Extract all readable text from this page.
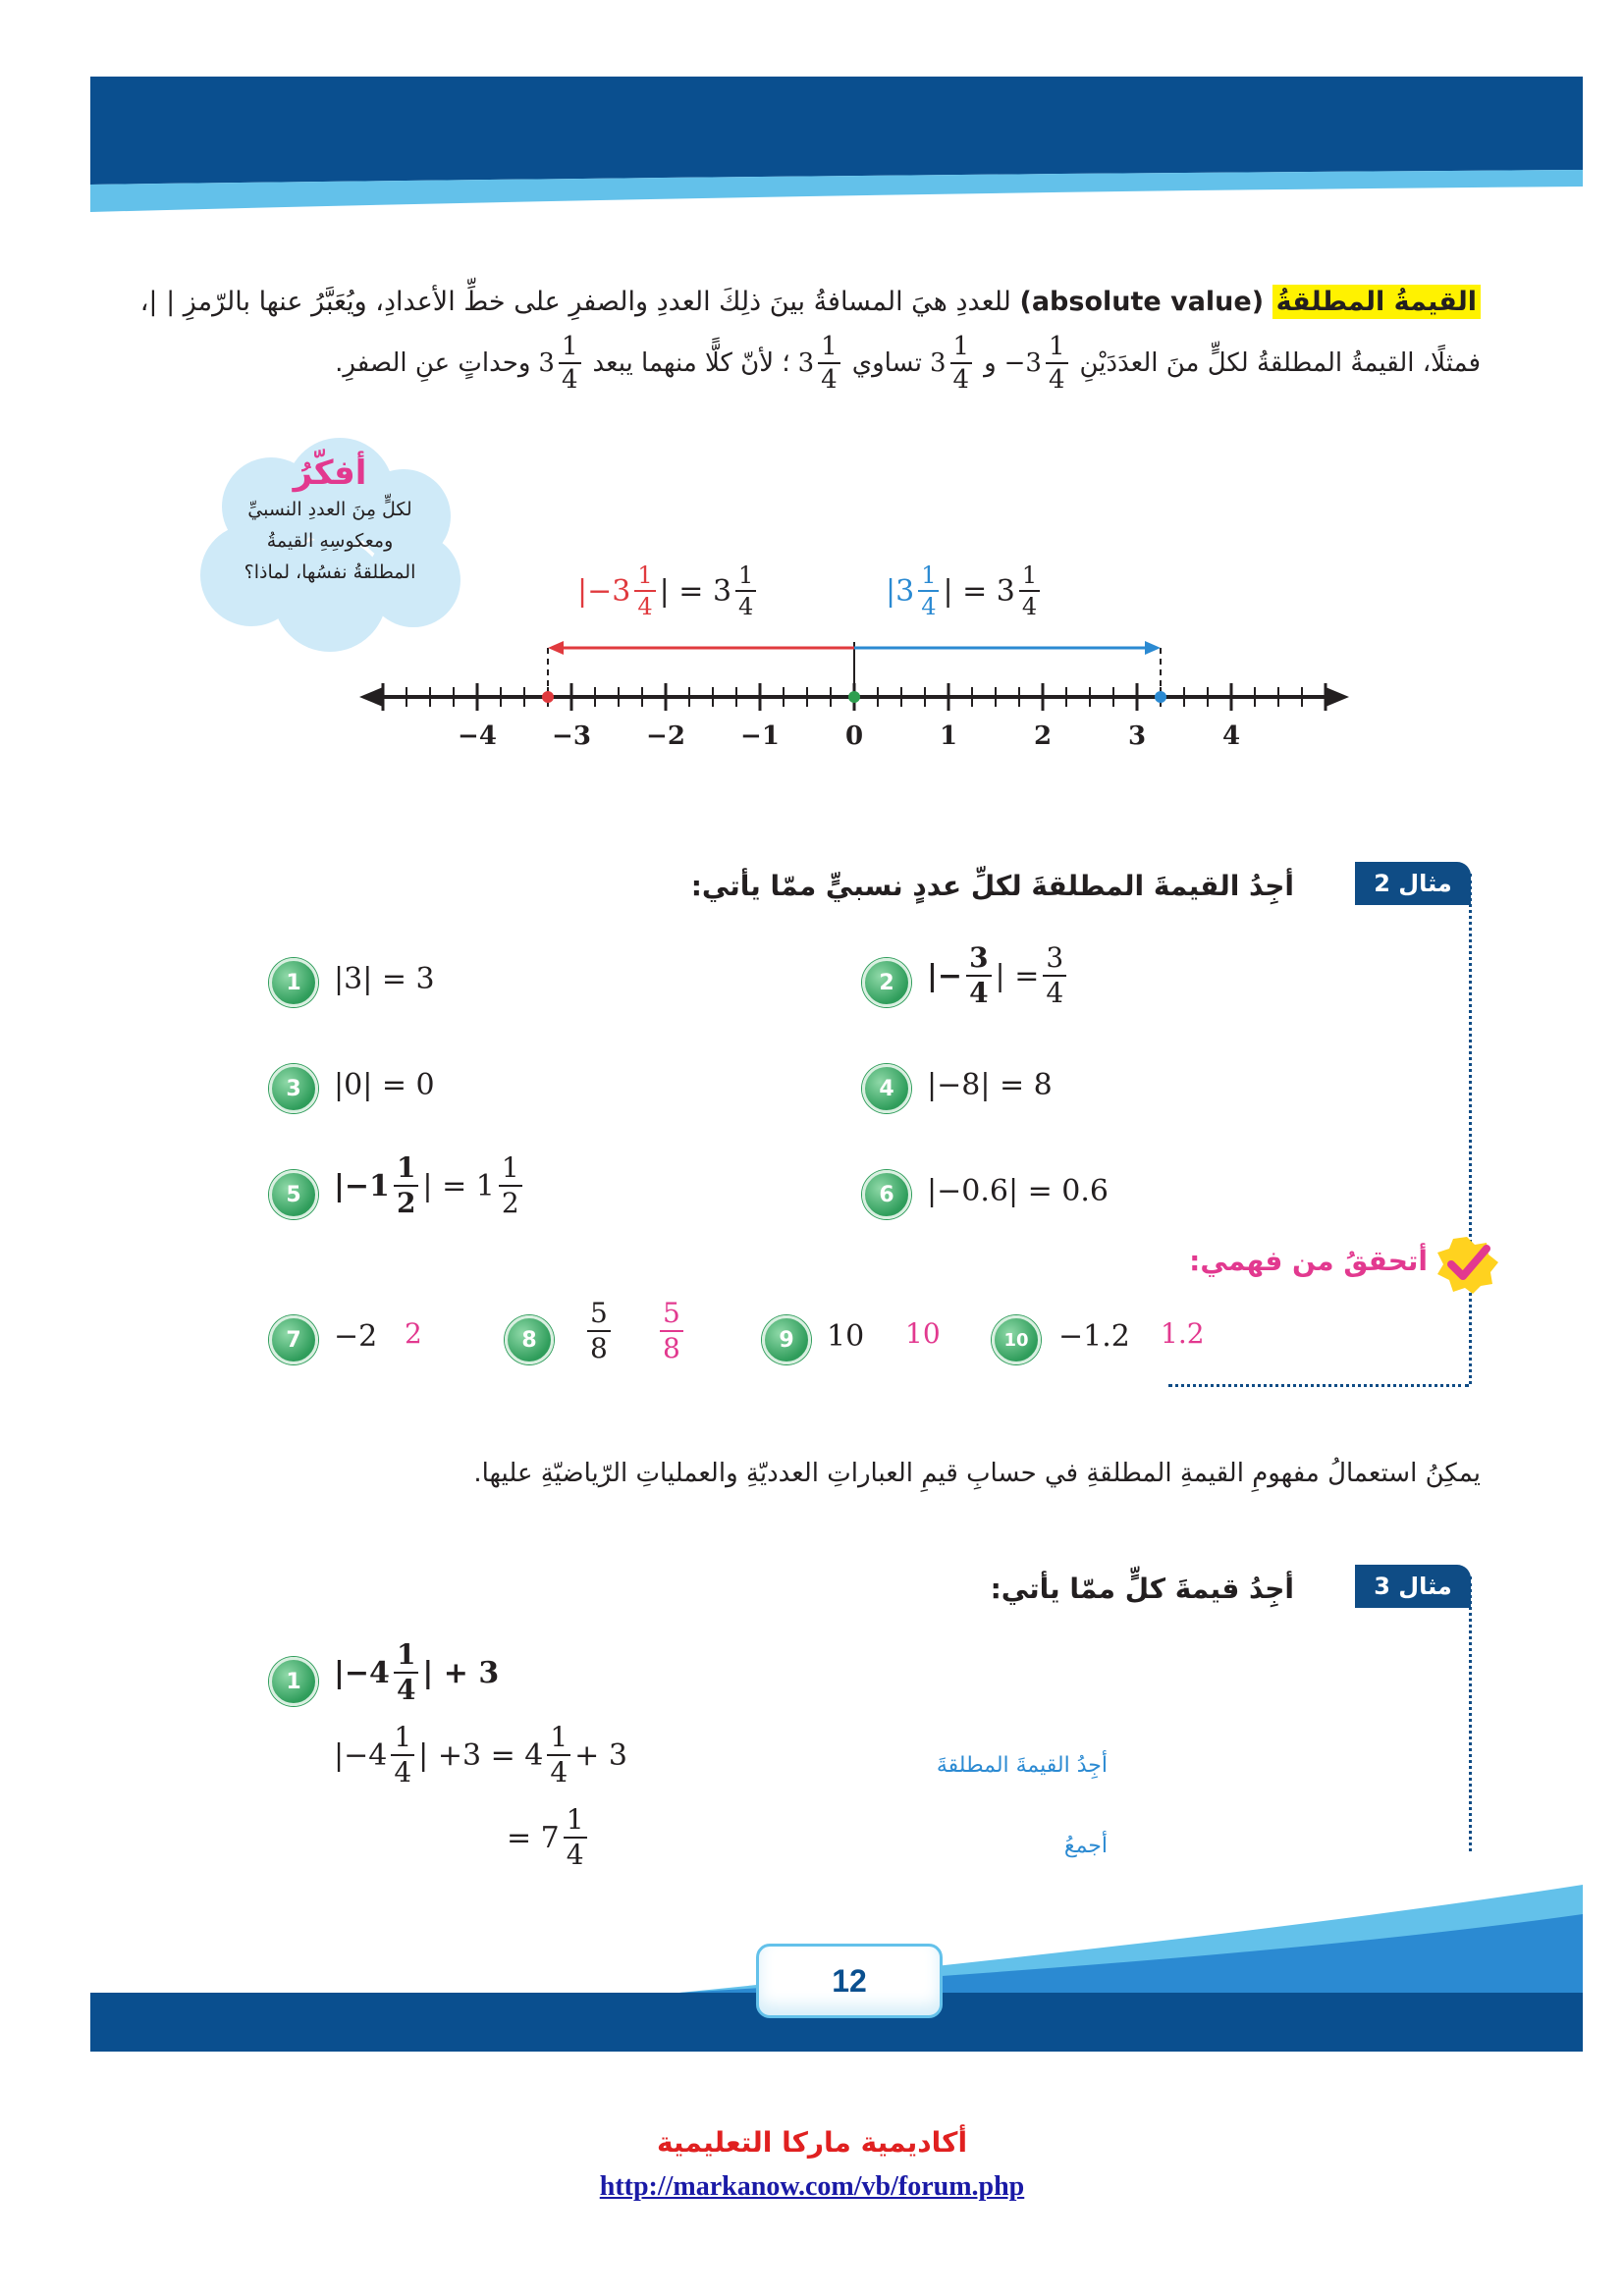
القيمةُ المطلقةُ (absolute value) للعددِ هيَ المسافةُ بينَ ذلِكَ العددِ والصفرِ على خطِّ الأعدادِ، ويُعَبَّرُ عنها بالرّمزِ | |،
فمثلًا، القيمةُ المطلقةُ لكلٍّ منَ العدَدَيْنِ
$-3 \frac{1}{4}$
و
$3 \frac{1}{4}$
تساوي
$3 \frac{1}{4}$
؛ لأنّ كلًّا منهما يبعد
$3 \frac{1}{4}$
وحداتٍ عنِ الصفرِ.
أفكّرُ
لكلٍّ مِنَ العددِ النسبيِّ
ومعكوسِهِ القيمةُ
المطلقةُ نفسُها، لماذا؟
$|-3 \frac{1}{4}$ | = $3 \frac{1}{4}$	$|3 \frac{1}{4}$ | = $3 \frac{1}{4}$
−4 −3 −2 −1	0	1	2	3	4
مثال 2
أجِدُ القيمةَ المطلقةَ لكلِّ عددٍ نسبيٍّ ممّا يأتي:
1	|3| = 3	2	|− $\frac{3}{4}$ | = $\frac{3}{4}$
3	|0| = 0	4	|−8| = 8
5	$|-1 \frac{1}{2}$ | = $1 \frac{1}{2}$	6	|−0.6| = 0.6
أتحققُ من فهمي:
7	−2 2	8	$\frac{5}{8} \frac{5}{8}$	9	10 10	10	−1.2 1.2
يمكِنُ استعمالُ مفهومِ القيمةِ المطلقةِ في حسابِ قيمِ العباراتِ العدديّةِ والعملياتِ الرّياضيّةِ عليها.
مثال 3
أجِدُ قيمةَ كلٍّ ممّا يأتي:
1	$|-4 \frac{1}{4}$ | + 3
$|-4 \frac{1}{4}$ | $+3 = 4 \frac{1}{4} + 3$
= $7 \frac{1}{4}$
أجِدُ القيمةَ المطلقةَ
أجمعُ
12
أكاديمية ماركا التعليمية
http://markanow.com/vb/forum.php
